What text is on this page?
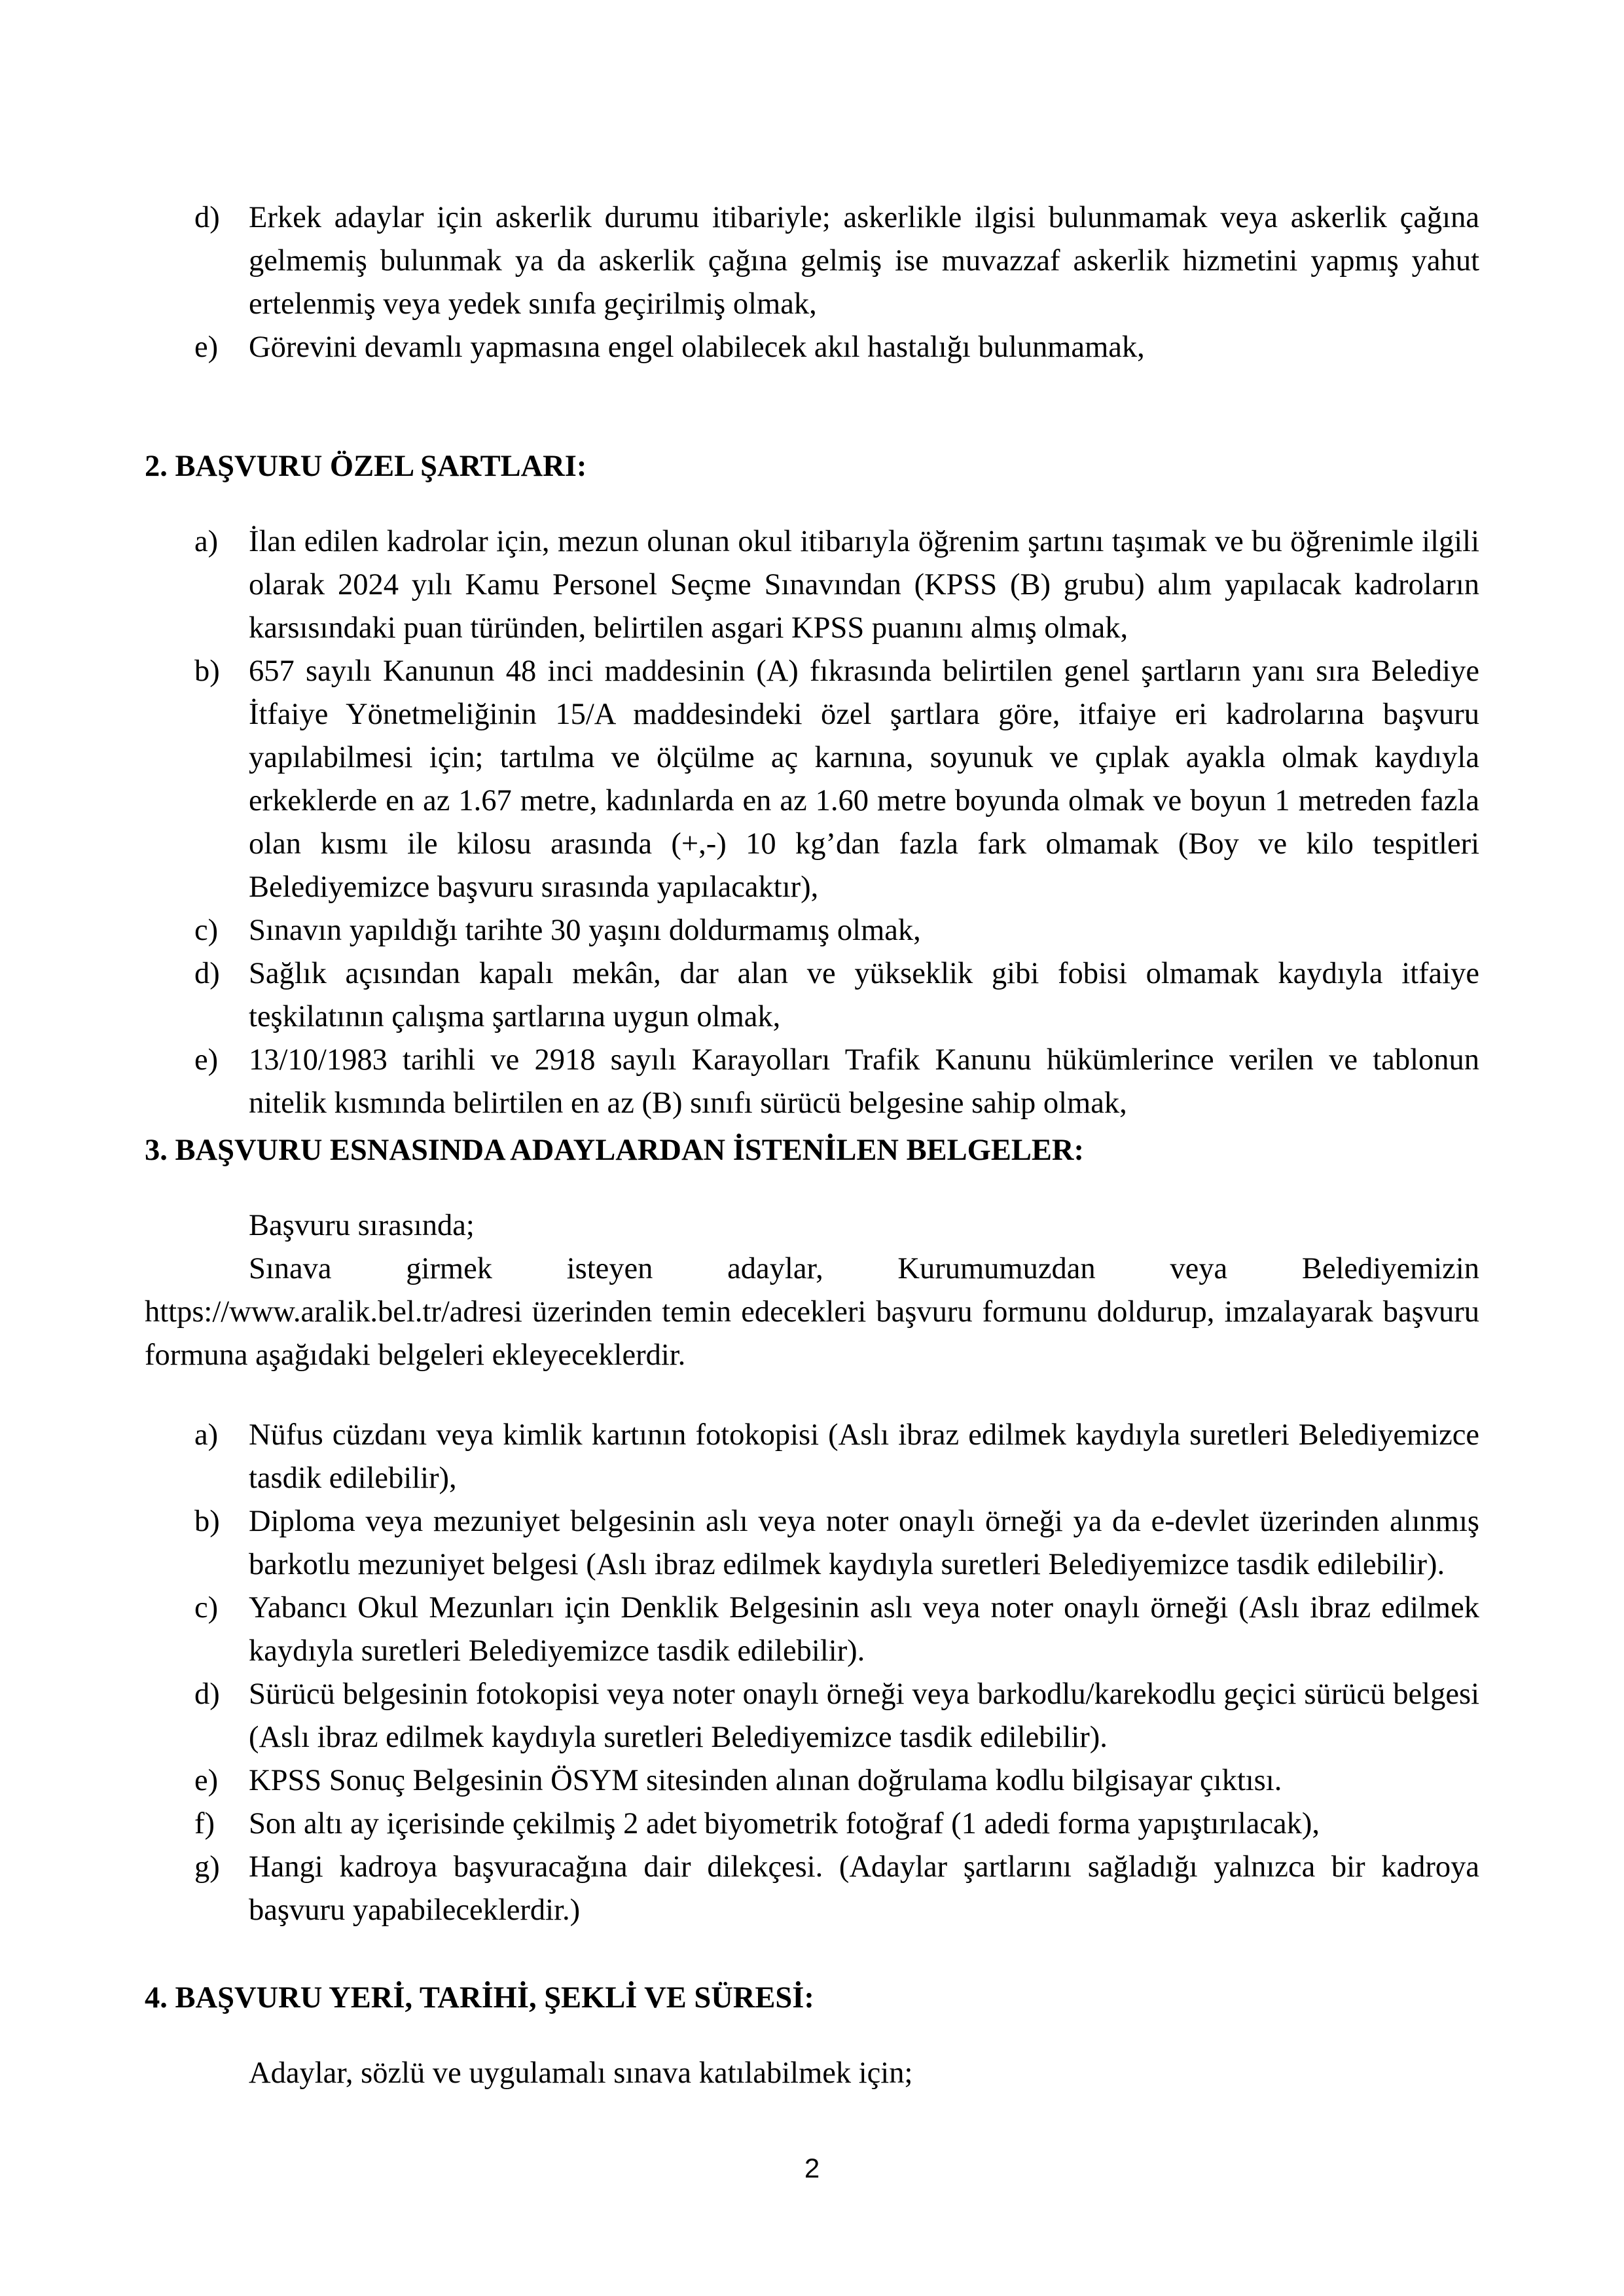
d) Erkek adaylar için askerlik durumu itibariyle; askerlikle ilgisi bulunmamak veya askerlik çağına gelmemiş bulunmak ya da askerlik çağına gelmiş ise muvazzaf askerlik hizmetini yapmış yahut ertelenmiş veya yedek sınıfa geçirilmiş olmak,
e) Görevini devamlı yapmasına engel olabilecek akıl hastalığı bulunmamak,
2. BAŞVURU ÖZEL ŞARTLARI:
a) İlan edilen kadrolar için, mezun olunan okul itibarıyla öğrenim şartını taşımak ve bu öğrenimle ilgili olarak 2024 yılı Kamu Personel Seçme Sınavından (KPSS (B) grubu) alım yapılacak kadroların karsısındaki puan türünden, belirtilen asgari KPSS puanını almış olmak,
b) 657 sayılı Kanunun 48 inci maddesinin (A) fıkrasında belirtilen genel şartların yanı sıra Belediye İtfaiye Yönetmeliğinin 15/A maddesindeki özel şartlara göre, itfaiye eri kadrolarına başvuru yapılabilmesi için; tartılma ve ölçülme aç karnına, soyunuk ve çıplak ayakla olmak kaydıyla erkeklerde en az 1.67 metre, kadınlarda en az 1.60 metre boyunda olmak ve boyun 1 metreden fazla olan kısmı ile kilosu arasında (+,-) 10 kg’dan fazla fark olmamak (Boy ve kilo tespitleri Belediyemizce başvuru sırasında yapılacaktır),
c) Sınavın yapıldığı tarihte 30 yaşını doldurmamış olmak,
d) Sağlık açısından kapalı mekân, dar alan ve yükseklik gibi fobisi olmamak kaydıyla itfaiye teşkilatının çalışma şartlarına uygun olmak,
e) 13/10/1983 tarihli ve 2918 sayılı Karayolları Trafik Kanunu hükümlerince verilen ve tablonun nitelik kısmında belirtilen en az (B) sınıfı sürücü belgesine sahip olmak,
3. BAŞVURU ESNASINDA ADAYLARDAN İSTENİLEN BELGELER:
Başvuru sırasında;
Sınava girmek isteyen adaylar, Kurumumuzdan veya Belediyemizin
https://www.aralik.bel.tr/adresi üzerinden temin edecekleri başvuru formunu doldurup, imzalayarak başvuru formuna aşağıdaki belgeleri ekleyeceklerdir.
a) Nüfus cüzdanı veya kimlik kartının fotokopisi (Aslı ibraz edilmek kaydıyla suretleri Belediyemizce tasdik edilebilir),
b) Diploma veya mezuniyet belgesinin aslı veya noter onaylı örneği ya da e-devlet üzerinden alınmış barkotlu mezuniyet belgesi (Aslı ibraz edilmek kaydıyla suretleri Belediyemizce tasdik edilebilir).
c) Yabancı Okul Mezunları için Denklik Belgesinin aslı veya noter onaylı örneği (Aslı ibraz edilmek kaydıyla suretleri Belediyemizce tasdik edilebilir).
d) Sürücü belgesinin fotokopisi veya noter onaylı örneği veya barkodlu/karekodlu geçici sürücü belgesi (Aslı ibraz edilmek kaydıyla suretleri Belediyemizce tasdik edilebilir).
e) KPSS Sonuç Belgesinin ÖSYM sitesinden alınan doğrulama kodlu bilgisayar çıktısı.
f) Son altı ay içerisinde çekilmiş 2 adet biyometrik fotoğraf (1 adedi forma yapıştırılacak),
g) Hangi kadroya başvuracağına dair dilekçesi. (Adaylar şartlarını sağladığı yalnızca bir kadroya başvuru yapabileceklerdir.)
4. BAŞVURU YERİ, TARİHİ, ŞEKLİ VE SÜRESİ:
Adaylar, sözlü ve uygulamalı sınava katılabilmek için;
2
